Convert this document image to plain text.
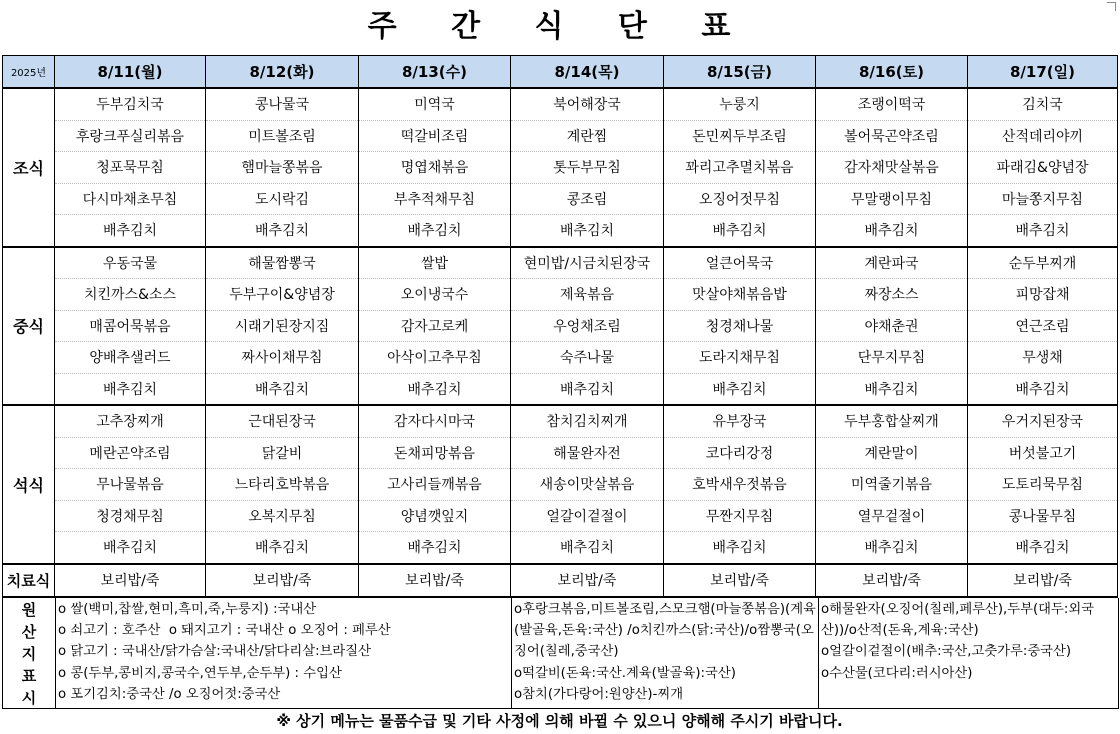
주 간 식 단 표
2025년	8/11(월)	8/12(화)	8/13(수)	8/14(목)	8/15(금)	8/16(토)	8/17(일)
조식	두부김치국	콩나물국	미역국	북어해장국	누룽지	조랭이떡국	김치국
	후랑크푸실리볶음	미트볼조림	떡갈비조림	계란찜	돈민찌두부조림	볼어묵곤약조림	산적데리야끼
	청포묵무침	햄마늘쫑볶음	명엽채볶음	톳두부무침	꽈리고추멸치볶음	감자채맛살볶음	파래김&양념장
	다시마채초무침	도시락김	부추적채무침	콩조림	오징어젓무침	무말랭이무침	마늘쫑지무침
	배추김치	배추김치	배추김치	배추김치	배추김치	배추김치	배추김치
중식	우동국물	해물짬뽕국	쌀밥	현미밥/시금치된장국	얼큰어묵국	계란파국	순두부찌개
	치킨까스&소스	두부구이&양념장	오이냉국수	제육볶음	맛살야채볶음밥	짜장소스	피망잡채
	매콤어묵볶음	시래기된장지짐	감자고로케	우엉채조림	청경채나물	야채춘권	연근조림
	양배추샐러드	짜사이채무침	아삭이고추무침	숙주나물	도라지채무침	단무지무침	무생채
	배추김치	배추김치	배추김치	배추김치	배추김치	배추김치	배추김치
석식	고추장찌개	근대된장국	감자다시마국	참치김치찌개	유부장국	두부홍합살찌개	우거지된장국
	메란곤약조림	닭갈비	돈채피망볶음	해물완자전	코다리강정	계란말이	버섯불고기
	무나물볶음	느타리호박볶음	고사리들깨볶음	새송이맛살볶음	호박새우젓볶음	미역줄기볶음	도토리묵무침
	청경채무침	오복지무침	양념깻잎지	얼갈이겉절이	무짠지무침	열무겉절이	콩나물무침
	배추김치	배추김치	배추김치	배추김치	배추김치	배추김치	배추김치
치료식	보리밥/죽	보리밥/죽	보리밥/죽	보리밥/죽	보리밥/죽	보리밥/죽	보리밥/죽
원
산
지
표
시
o 쌀(백미,찹쌀,현미,흑미,죽,누룽지) :국내산
o 쇠고기 : 호주산  o 돼지고기 : 국내산 o 오징어 : 페루산
o 닭고기 : 국내산/닭가슴살:국내산/닭다리살:브라질산
o 콩(두부,콩비지,콩국수,연두부,순두부) : 수입산
o 포기김치:중국산 /o 오징어젓:중국산
o후랑크볶음,미트볼조림,스모크햄(마늘쫑볶음)(계육(발골육,돈육:국산) /o치킨까스(닭:국산)/o짬뽕국(오징어(칠레,중국산)
o떡갈비(돈육:국산.계육(발골육):국산)
o참치(가다랑어:원양산)-찌개
o해물완자(오징어(칠레,페루산),두부(대두:외국산))/o산적(돈육,계육:국산)
o얼갈이겉절이(배추:국산,고춧가루:중국산)
o수산물(코다리:러시아산)
※ 상기 메뉴는 물품수급 및 기타 사정에 의해 바뀔 수 있으니 양해해 주시기 바랍니다.
